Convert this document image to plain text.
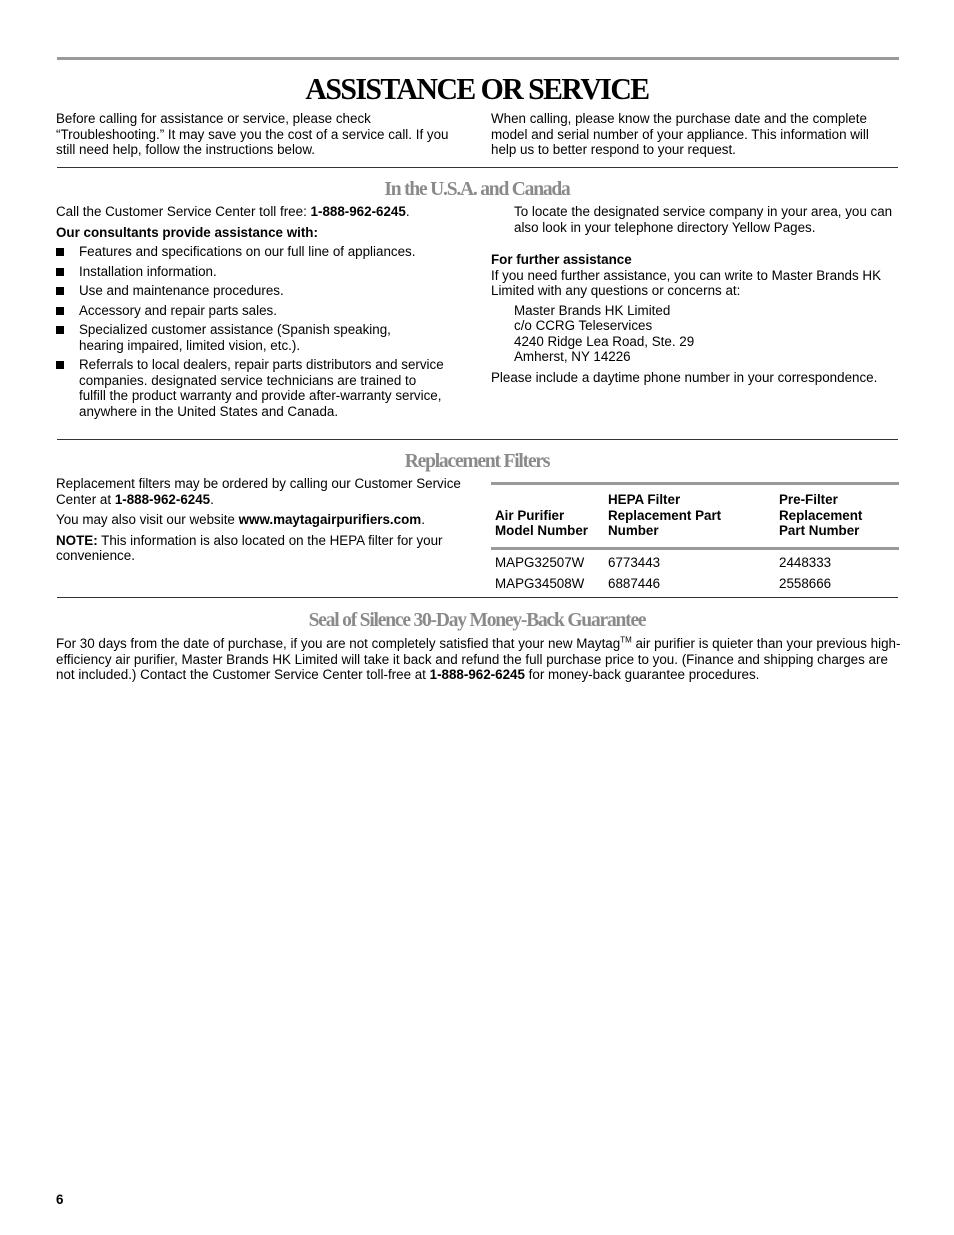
ASSISTANCE OR SERVICE

Before calling for assistance or service, please check “Troubleshooting.” It may save you the cost of a service call. If you still need help, follow the instructions below.

When calling, please know the purchase date and the complete model and serial number of your appliance. This information will help us to better respond to your request.

In the U.S.A. and Canada

Call the Customer Service Center toll free: 1-888-962-6245.

Our consultants provide assistance with:

Features and specifications on our full line of appliances.
Installation information.
Use and maintenance procedures.
Accessory and repair parts sales.
Specialized customer assistance (Spanish speaking, hearing impaired, limited vision, etc.).
Referrals to local dealers, repair parts distributors and service companies. designated service technicians are trained to fulfill the product warranty and provide after-warranty service, anywhere in the United States and Canada.

To locate the designated service company in your area, you can also look in your telephone directory Yellow Pages.

For further assistance

If you need further assistance, you can write to Master Brands HK Limited with any questions or concerns at:

Master Brands HK Limited

c/o CCRG Teleservices

4240 Ridge Lea Road, Ste. 29

Amherst, NY 14226

Please include a daytime phone number in your correspondence.

Replacement Filters

Replacement filters may be ordered by calling our Customer Service Center at 1-888-962-6245.

You may also visit our website www.maytagairpurifiers.com.

NOTE: This information is also located on the HEPA filter for your convenience.

Air Purifier Model Number	HEPA Filter Replacement Part Number	Pre-Filter Replacement Part Number
MAPG32507W	6773443	2448333
MAPG34508W	6887446	2558666
Seal of Silence 30-Day Money-Back Guarantee

For 30 days from the date of purchase, if you are not completely satisfied that your new Maytag™ air purifier is quieter than your previous high-efficiency air purifier, Master Brands HK Limited will take it back and refund the full purchase price to you. (Finance and shipping charges are not included.) Contact the Customer Service Center toll-free at 1-888-962-6245 for money-back guarantee procedures.

6
